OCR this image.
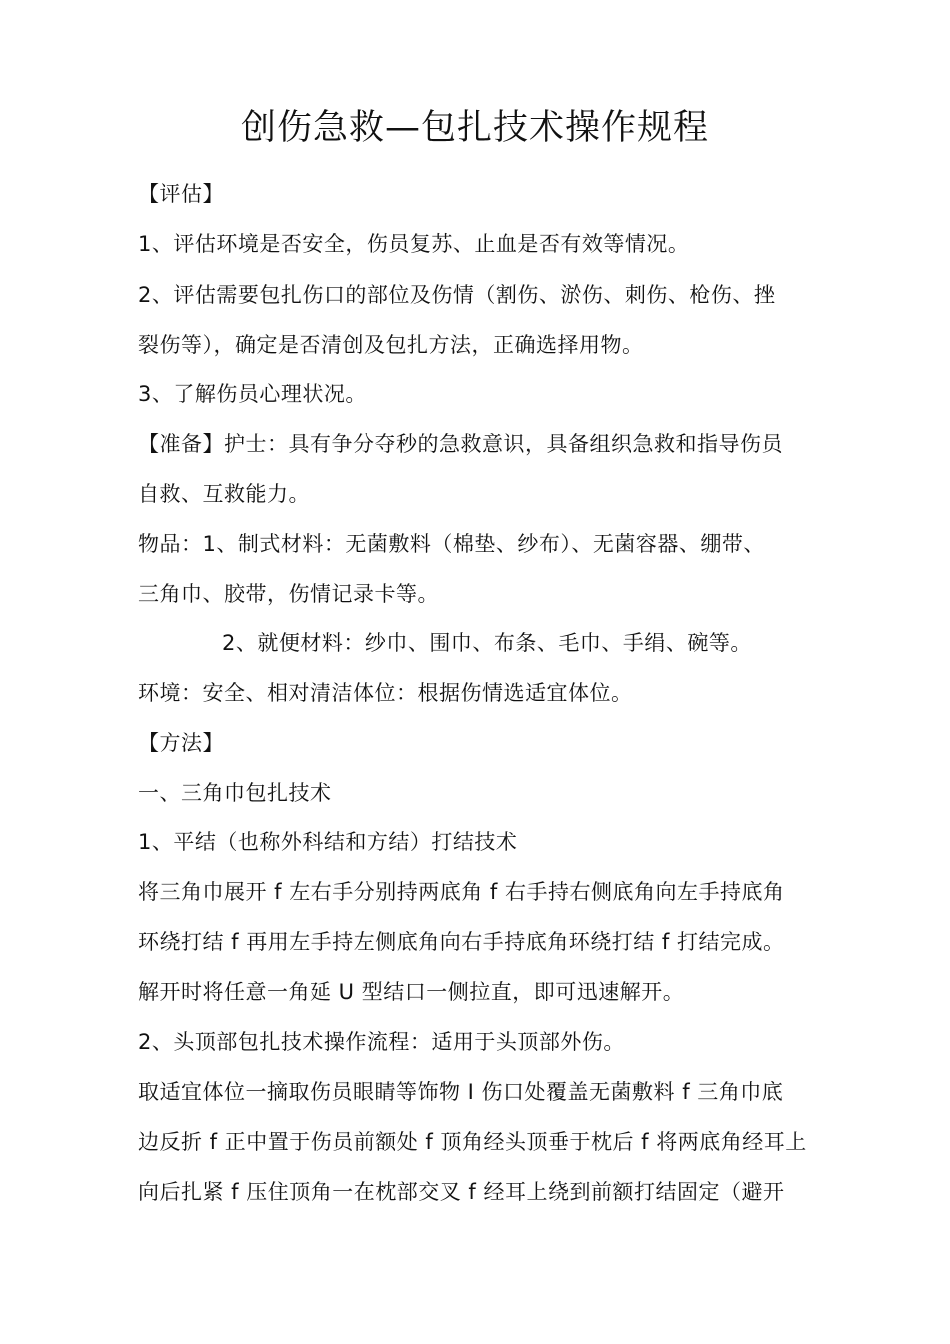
创伤急救—包扎技术操作规程
【评估】
1、评估环境是否安全，伤员复苏、止血是否有效等情况。
2、评估需要包扎伤口的部位及伤情（割伤、淤伤、刺伤、枪伤、挫
裂伤等），确定是否清创及包扎方法，正确选择用物。
3、了解伤员心理状况。
【准备】护士：具有争分夺秒的急救意识，具备组织急救和指导伤员
自救、互救能力。
物品：1、制式材料：无菌敷料（棉垫、纱布）、无菌容器、绷带、
三角巾、胶带，伤情记录卡等。
2、就便材料：纱巾、围巾、布条、毛巾、手绢、碗等。
环境：安全、相对清洁体位：根据伤情选适宜体位。
【方法】
一、三角巾包扎技术
1、平结（也称外科结和方结）打结技术
将三角巾展开 f 左右手分别持两底角 f 右手持右侧底角向左手持底角
环绕打结 f 再用左手持左侧底角向右手持底角环绕打结 f 打结完成。
解开时将任意一角延 U 型结口一侧拉直，即可迅速解开。
2、头顶部包扎技术操作流程：适用于头顶部外伤。
取适宜体位一摘取伤员眼睛等饰物 I 伤口处覆盖无菌敷料 f 三角巾底
边反折 f 正中置于伤员前额处 f 顶角经头顶垂于枕后 f 将两底角经耳上
向后扎紧 f 压住顶角一在枕部交叉 f 经耳上绕到前额打结固定（避开
